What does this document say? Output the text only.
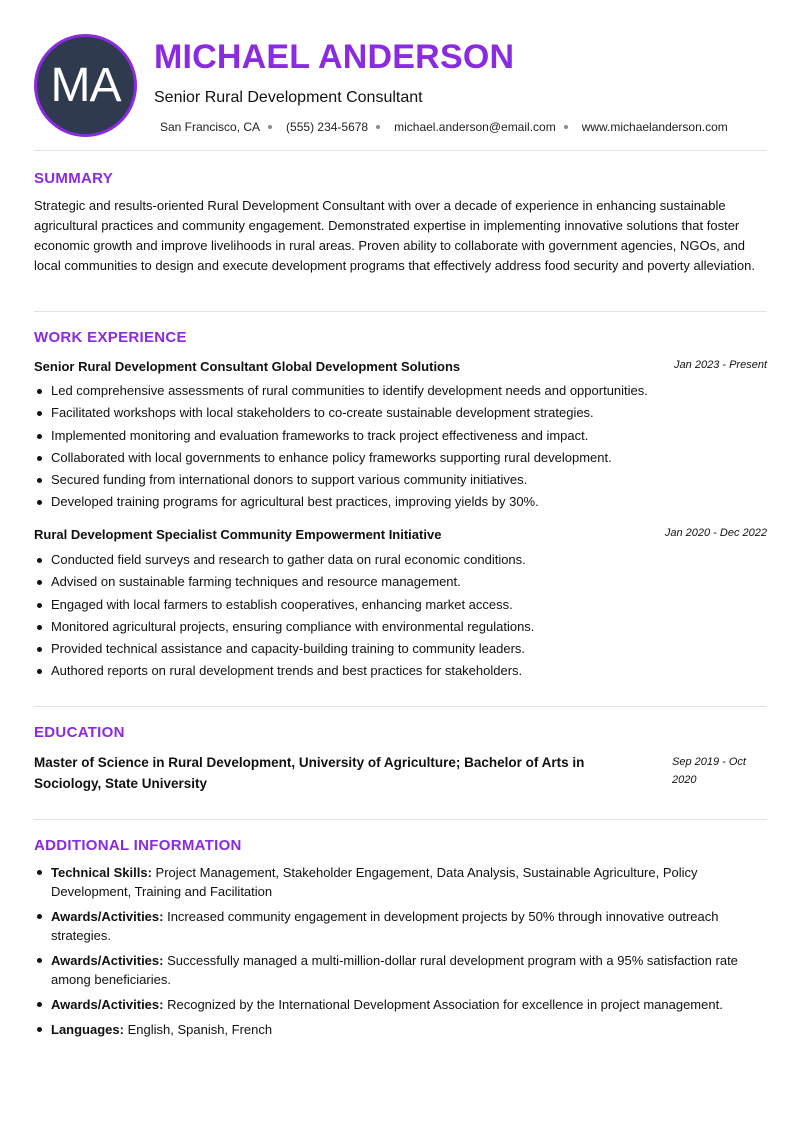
MA
MICHAEL ANDERSON
Senior Rural Development Consultant
San Francisco, CA (555) 234-5678 michael.anderson@email.com www.michaelanderson.com
SUMMARY
Strategic and results-oriented Rural Development Consultant with over a decade of experience in enhancing sustainable agricultural practices and community engagement. Demonstrated expertise in implementing innovative solutions that foster economic growth and improve livelihoods in rural areas. Proven ability to collaborate with government agencies, NGOs, and local communities to design and execute development programs that effectively address food security and poverty alleviation.
WORK EXPERIENCE
Senior Rural Development Consultant Global Development Solutions	Jan 2023 - Present
Led comprehensive assessments of rural communities to identify development needs and opportunities.
Facilitated workshops with local stakeholders to co-create sustainable development strategies.
Implemented monitoring and evaluation frameworks to track project effectiveness and impact.
Collaborated with local governments to enhance policy frameworks supporting rural development.
Secured funding from international donors to support various community initiatives.
Developed training programs for agricultural best practices, improving yields by 30%.
Rural Development Specialist Community Empowerment Initiative	Jan 2020 - Dec 2022
Conducted field surveys and research to gather data on rural economic conditions.
Advised on sustainable farming techniques and resource management.
Engaged with local farmers to establish cooperatives, enhancing market access.
Monitored agricultural projects, ensuring compliance with environmental regulations.
Provided technical assistance and capacity-building training to community leaders.
Authored reports on rural development trends and best practices for stakeholders.
EDUCATION
Master of Science in Rural Development, University of Agriculture; Bachelor of Arts in Sociology, State University
Sep 2019 - Oct 2020
ADDITIONAL INFORMATION
Technical Skills: Project Management, Stakeholder Engagement, Data Analysis, Sustainable Agriculture, Policy Development, Training and Facilitation
Awards/Activities: Increased community engagement in development projects by 50% through innovative outreach strategies.
Awards/Activities: Successfully managed a multi-million-dollar rural development program with a 95% satisfaction rate among beneficiaries.
Awards/Activities: Recognized by the International Development Association for excellence in project management.
Languages: English, Spanish, French
